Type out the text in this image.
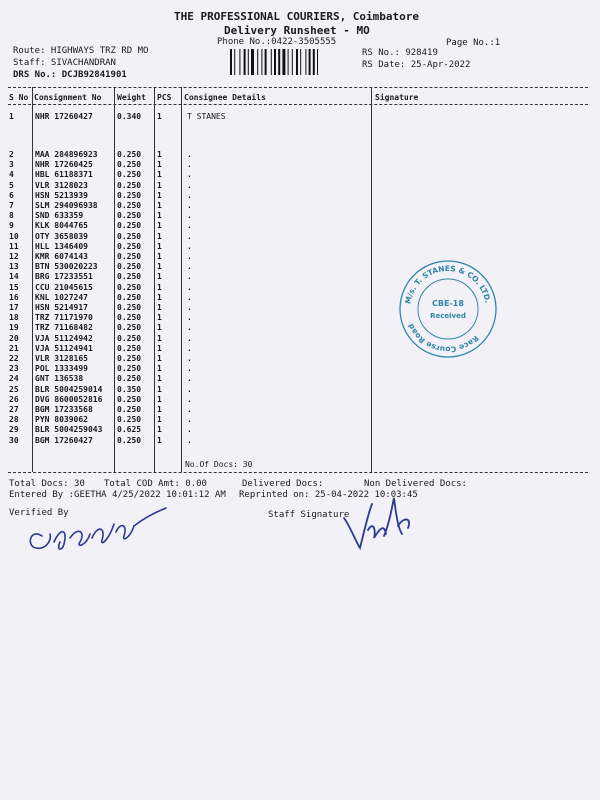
THE PROFESSIONAL COURIERS, Coimbatore
Delivery Runsheet - MO
Phone No.:0422-3505555	Page No.:1
Route: HIGHWAYS TRZ RD MO
Staff: SIVACHANDRAN
DRS No.: DCJB92841901
RS No.: 928419
RS Date: 25-Apr-2022
S No Consignment No Weight PCS Consignee Details	Signature
1	NHR 17260427	0.340 1	T STANES
2	MAA 284896923 0.250 1	.
3	NHR 17260425	0.250 1	.
4	HBL 61188371	0.250 1	.
5	VLR 3128023	0.250 1	.
6	HSN 5213939	0.250 1	.
7	SLM 294096938 0.250 1	.
8	SND 633359	0.250 1	.
9	KLK 8044765	0.250 1	.
10 OTY 3658039	0.250 1	.
11 HLL 1346409	0.250 1	.
12 KMR 6074143	0.250 1	.
13 BTN 530020223 0.250 1	.
14 BRG 17233551	0.250 1	.
15 CCU 21045615	0.250 1	.
16 KNL 1027247	0.250 1	.
17 HSN 5214917	0.250 1	.
18 TRZ 71171970	0.250 1	.
19 TRZ 71168482	0.250 1	.
20 VJA 51124942	0.250 1	.
21 VJA 51124941	0.250 1	.
22 VLR 3128165	0.250 1	.
23 POL 1333499	0.250 1	.
24 GNT 136538	0.250 1	.
25 BLR 5004259014 0.350 1	.
26 DVG 8600052816 0.250 1	.
27 BGM 17233568	0.250 1	.
28 PYN 8039062	0.250 1	.
29 BLR 5004259043 0.625 1	.
30 BGM 17260427	0.250 1	.
No.Of Docs: 30
Total Docs: 30 Total COD Amt: 0.00	Delivered Docs:	Non Delivered Docs:
Entered By :GEETHA 4/25/2022 10:01:12 AM Reprinted on: 25-04-2022 10:03:45
Verified By	Staff Signature
M/s. T. STANES & CO. LTD.
Race Course Road
CBE-18
Received
